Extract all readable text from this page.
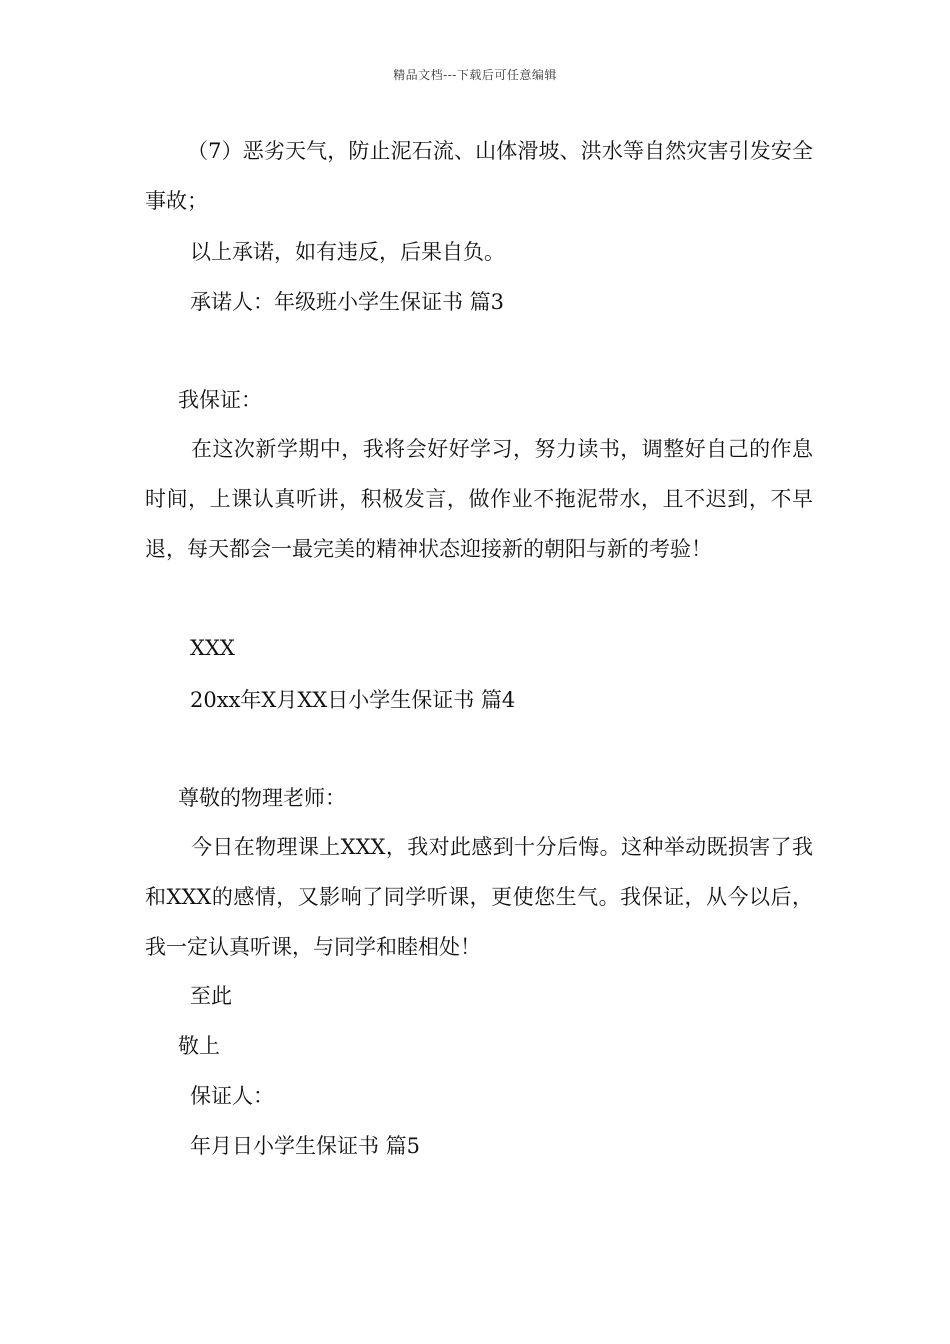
精品文档---下载后可任意编辑
（7）恶劣天气，防止泥石流、山体滑坡、洪水等自然灾害引发安全事故；
以上承诺，如有违反，后果自负。
承诺人：年级班小学生保证书 篇3
我保证：
在这次新学期中，我将会好好学习，努力读书，调整好自己的作息时间，上课认真听讲，积极发言，做作业不拖泥带水，且不迟到，不早退，每天都会一最完美的精神状态迎接新的朝阳与新的考验！
XXX
20xx年X月XX日小学生保证书 篇4
尊敬的物理老师：
今日在物理课上XXX，我对此感到十分后悔。这种举动既损害了我和XXX的感情，又影响了同学听课，更使您生气。我保证，从今以后，我一定认真听课，与同学和睦相处！
至此
敬上
保证人：
年月日小学生保证书 篇5
